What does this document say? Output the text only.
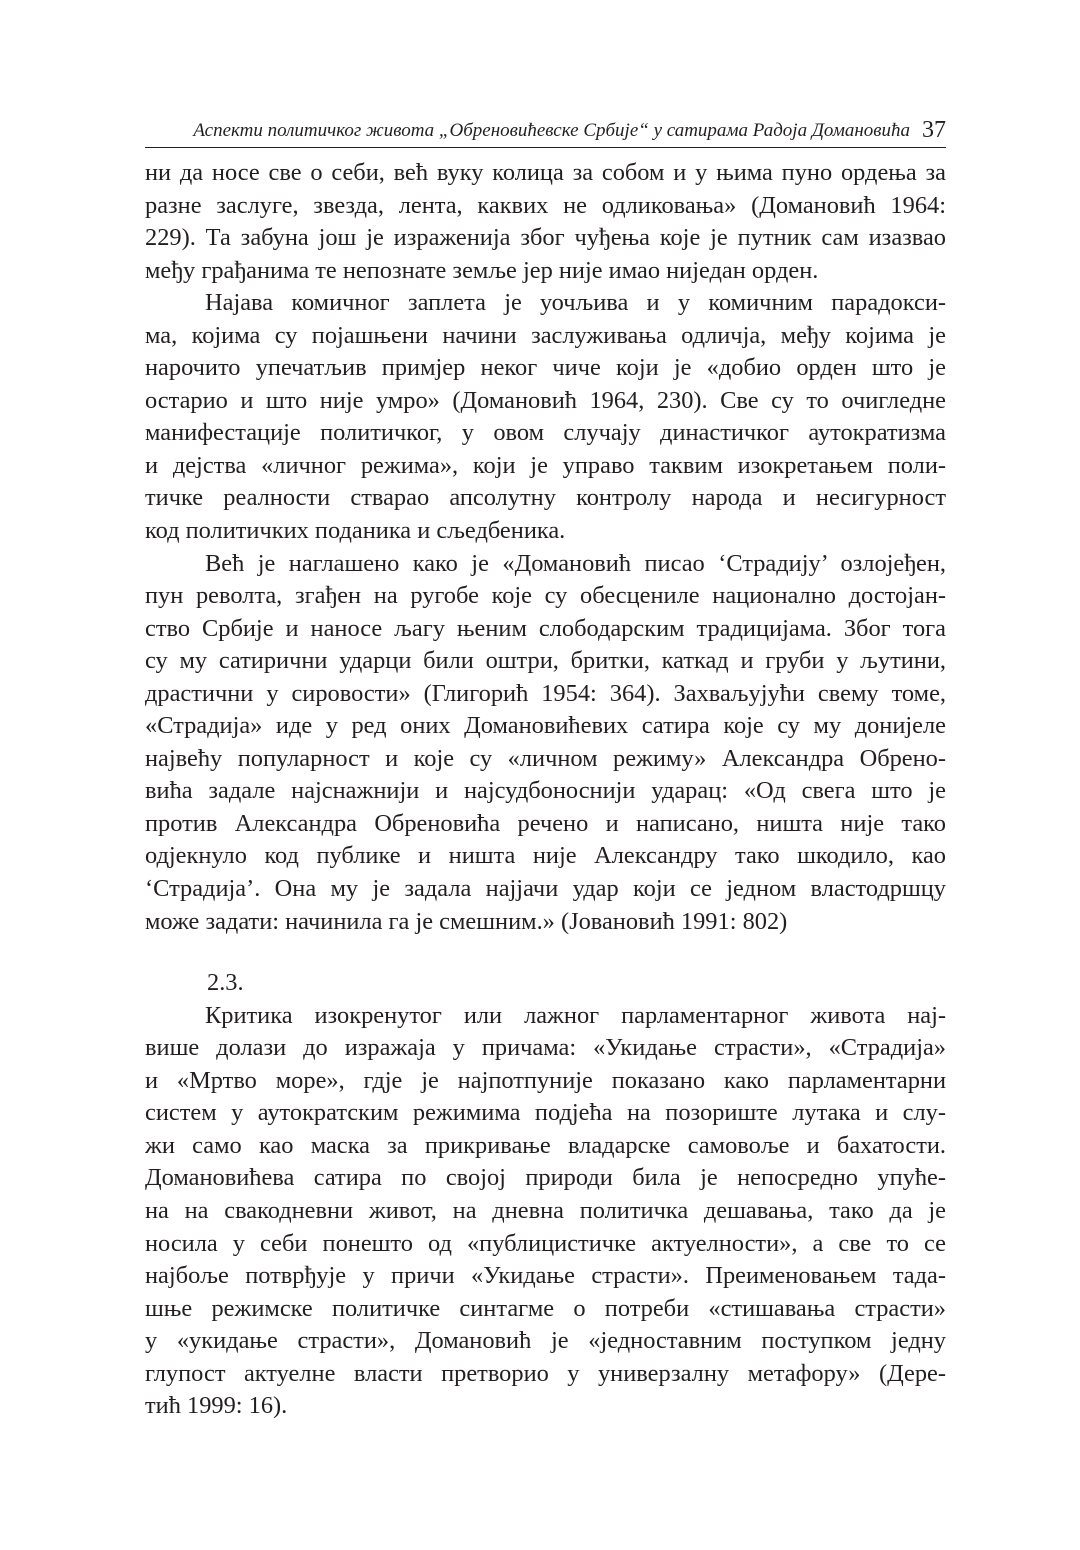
Аспекти политичког живота „Обреновићевске Србије“ у сатирама Радоја Домановића 37
ни да носе све о себи, већ вуку колица за собом и у њима пуно ордења за
разне заслуге, звезда, лента, каквих не одликовања» (Домановић 1964:
229). Та забуна још је израженија због чуђења које је путник сам изазвао
међу грађанима те непознате земље јер није имао ниједан орден.
Најава комичног заплета је уочљива и у комичним парадокси-
ма, којима су појашњени начини заслуживања одличја, међу којима је
нарочито упечатљив примјер неког чиче који је «добио орден што је
остарио и што није умро» (Домановић 1964, 230). Све су то очигледне
манифестације политичког, у овом случају династичког аутократизма
и дејства «личног режима», који је управо таквим изокретањем поли-
тичке реалности стварао апсолутну контролу народа и несигурност
код политичких поданика и сљедбеника.
Већ је наглашено како је «Домановић писао ‘Страдију’ озлојеђен,
пун револта, згађен на ругобе које су обесцениле национално достојан-
ство Србије и наносе љагу њеним слободарским традицијама. Због тога
су му сатирични ударци били оштри, бритки, каткад и груби у љутини,
драстични у сировости» (Глигорић 1954: 364). Захваљујући свему томе,
«Страдија» иде у ред оних Домановићевих сатира које су му донијеле
највећу популарност и које су «личном режиму» Александра Обрено-
вића задале најснажнији и најсудбоноснији ударац: «Од свега што је
против Александра Обреновића речено и написано, ништа није тако
одјекнуло код публике и ништа није Александру тако шкодило, као
‘Страдија’. Она му је задала најјачи удар који се једном властодршцу
може задати: начинила га је смешним.» (Јовановић 1991: 802)
2.3.
Критика изокренутог или лажног парламентарног живота нај-
више долази до изражаја у причама: «Укидање страсти», «Страдија»
и «Мртво море», гдје је најпотпуније показано како парламентарни
систем у аутократским режимима подјећа на позориште лутака и слу-
жи само као маска за прикривање владарске самовоље и бахатости.
Домановићева сатира по својој природи била је непосредно упуће-
на на свакодневни живот, на дневна политичка дешавања, тако да је
носила у себи понешто од «публицистичке актуелности», а све то се
најбоље потврђује у причи «Укидање страсти». Преименовањем тада-
шње режимске политичке синтагме о потреби «стишавања страсти»
у «укидање страсти», Домановић је «једноставним поступком једну
глупост актуелне власти претворио у универзалну метафору» (Дере-
тић 1999: 16).
